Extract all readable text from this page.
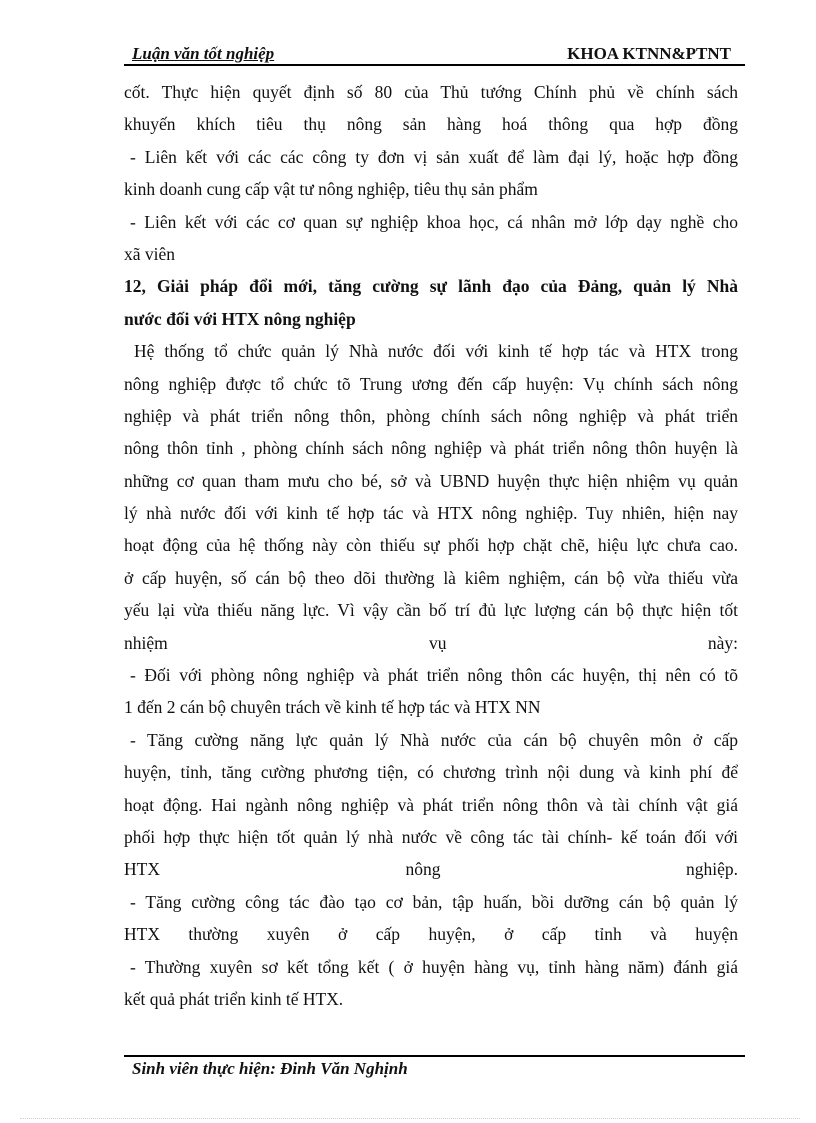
Luận văn tốt nghiệp	KHOA KTNN&PTNT
cốt. Thực hiện quyết định số 80 của Thủ tướng Chính phủ về chính sách
khuyến khích tiêu thụ nông sản hàng hoá thông qua hợp đồng
- Liên kết với các các công ty đơn vị sản xuất để làm đại lý, hoặc hợp đồng
kinh doanh cung cấp vật tư nông nghiệp, tiêu thụ sản phẩm
- Liên kết với các cơ quan sự nghiệp khoa học, cá nhân mở lớp dạy nghề cho
xã viên
12, Giải pháp đổi mới, tăng cường sự lãnh đạo của Đảng, quản lý Nhà
nước đối với HTX nông nghiệp
Hệ thống tổ chức quản lý Nhà nước đối với kinh tế hợp tác và HTX trong
nông nghiệp được tổ chức tõ Trung ương đến cấp huyện: Vụ chính sách nông
nghiệp và phát triển nông thôn, phòng chính sách nông nghiệp và phát triển
nông thôn tỉnh , phòng chính sách nông nghiệp và phát triển nông thôn huyện là
những cơ quan tham mưu cho bé, sở và UBND huyện thực hiện nhiệm vụ quản
lý nhà nước đối với kinh tế hợp tác và HTX nông nghiệp. Tuy nhiên, hiện nay
hoạt động của hệ thống này còn thiếu sự phối hợp chặt chẽ, hiệu lực chưa cao.
ở cấp huyện, số cán bộ theo dõi thường là kiêm nghiệm, cán bộ vừa thiếu vừa
yếu lại vừa thiếu năng lực. Vì vậy cần bố trí đủ lực lượng cán bộ thực hiện tốt
nhiệm vụ này:
- Đối với phòng nông nghiệp và phát triển nông thôn các huyện, thị nên có tõ
1 đến 2 cán bộ chuyên trách về kinh tế hợp tác và HTX NN
- Tăng cường năng lực quản lý Nhà nước của cán bộ chuyên môn ở cấp
huyện, tỉnh, tăng cường phương tiện, có chương trình nội dung và kinh phí để
hoạt động. Hai ngành nông nghiệp và phát triển nông thôn và tài chính vật giá
phối hợp thực hiện tốt quản lý nhà nước về công tác tài chính- kế toán đối với
HTX nông nghiệp.
- Tăng cường công tác đào tạo cơ bản, tập huấn, bồi dưỡng cán bộ quản lý
HTX thường xuyên ở cấp huyện, ở cấp tỉnh và huyện
- Thường xuyên sơ kết tổng kết ( ở huyện hàng vụ, tỉnh hàng năm) đánh giá
kết quả phát triển kinh tế HTX.
Sinh viên thực hiện: Đinh Văn Nghịnh
